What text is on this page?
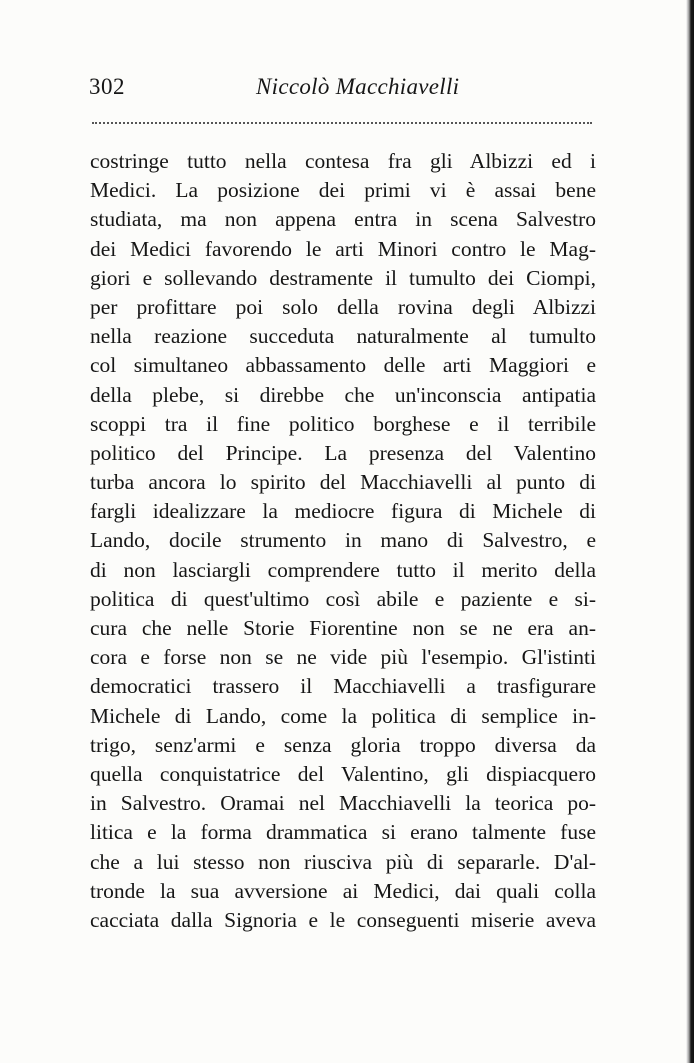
302	Niccolò Macchiavelli
costringe tutto nella contesa fra gli Albizzi ed i
Medici. La posizione dei primi vi è assai bene
studiata, ma non appena entra in scena Salvestro
dei Medici favorendo le arti Minori contro le Mag-
giori e sollevando destramente il tumulto dei Ciompi,
per profittare poi solo della rovina degli Albizzi
nella reazione succeduta naturalmente al tumulto
col simultaneo abbassamento delle arti Maggiori e
della plebe, si direbbe che un'inconscia antipatia
scoppi tra il fine politico borghese e il terribile
politico del Principe. La presenza del Valentino
turba ancora lo spirito del Macchiavelli al punto di
fargli idealizzare la mediocre figura di Michele di
Lando, docile strumento in mano di Salvestro, e
di non lasciargli comprendere tutto il merito della
politica di quest'ultimo così abile e paziente e si-
cura che nelle Storie Fiorentine non se ne era an-
cora e forse non se ne vide più l'esempio. Gl'istinti
democratici trassero il Macchiavelli a trasfigurare
Michele di Lando, come la politica di semplice in-
trigo, senz'armi e senza gloria troppo diversa da
quella conquistatrice del Valentino, gli dispiacquero
in Salvestro. Oramai nel Macchiavelli la teorica po-
litica e la forma drammatica si erano talmente fuse
che a lui stesso non riusciva più di separarle. D'al-
tronde la sua avversione ai Medici, dai quali colla
cacciata dalla Signoria e le conseguenti miserie aveva
